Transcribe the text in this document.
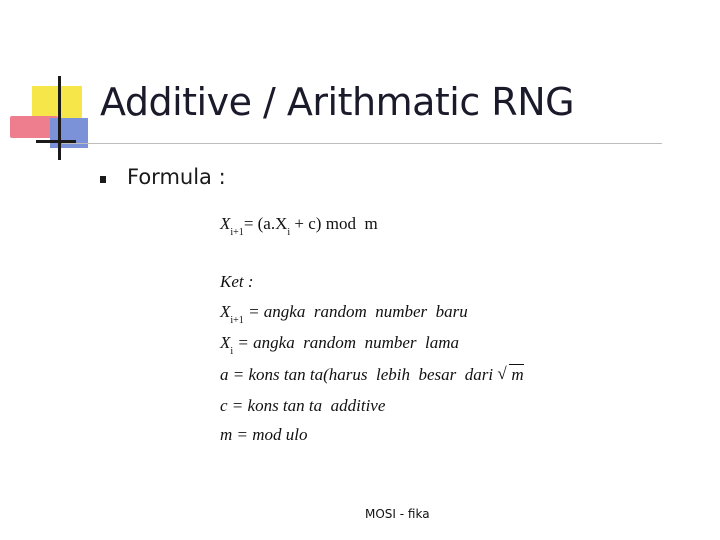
Additive / Arithmatic RNG
Formula :
$X_{i+1}= (a.X_i + c)$ mod  m
Ket :
$X_{i+1}$ = angka  random  number  baru
$X_i$ = angka  random  number  lama
a = kons tan ta(harus  lebih  besar  dari √ m
c = kons tan ta  additive
m = mod ulo
MOSI - fika
